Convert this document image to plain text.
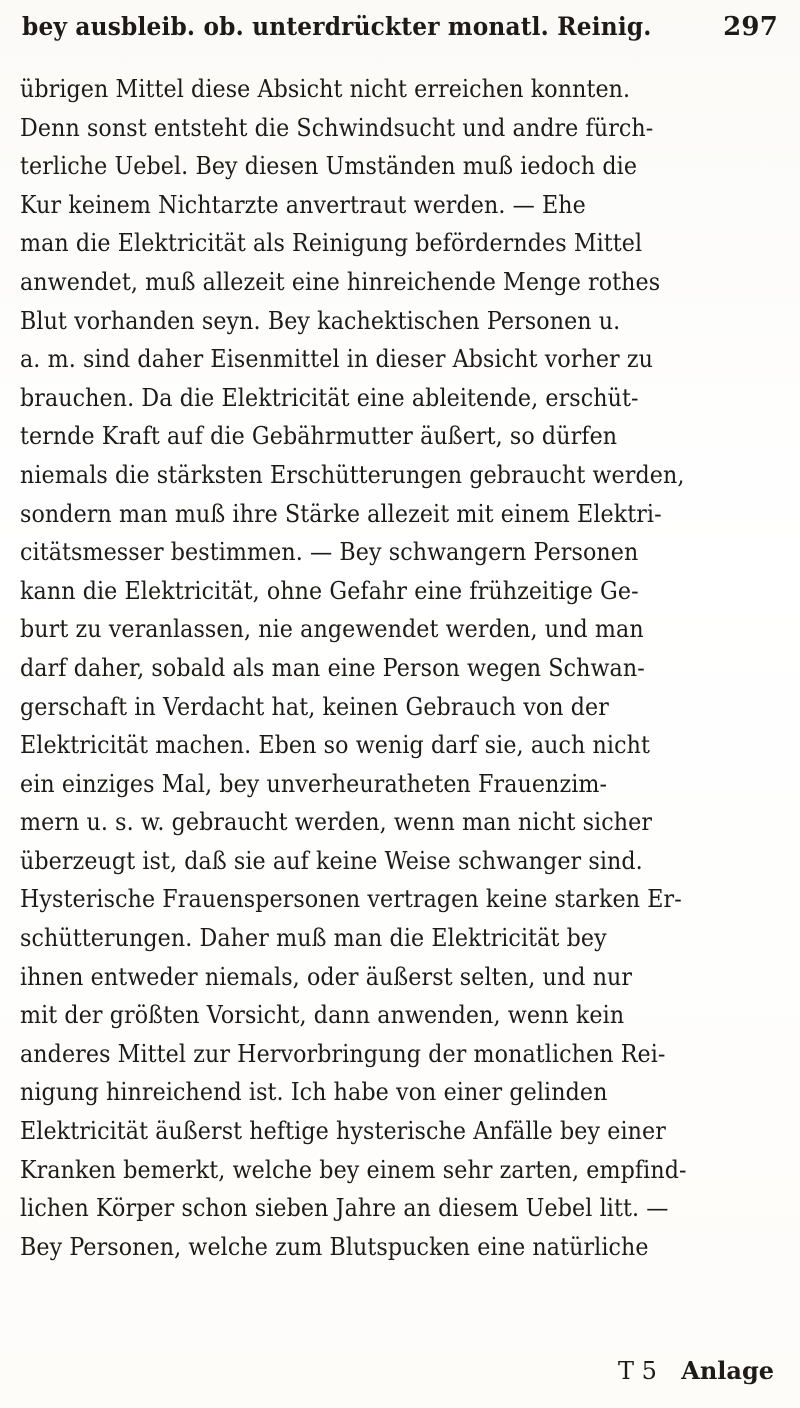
bey ausbleib. ob. unterdrückter monatl. Reinig.	297
übrigen Mittel diese Absicht nicht erreichen konnten.
Denn sonst entsteht die Schwindsucht und andre fürch-
terliche Uebel. Bey diesen Umständen muß iedoch die
Kur keinem Nichtarzte anvertraut werden. — Ehe
man die Elektricität als Reinigung beförderndes Mittel
anwendet, muß allezeit eine hinreichende Menge rothes
Blut vorhanden seyn. Bey kachektischen Personen u.
a. m. sind daher Eisenmittel in dieser Absicht vorher zu
brauchen. Da die Elektricität eine ableitende, erschüt-
ternde Kraft auf die Gebährmutter äußert, so dürfen
niemals die stärksten Erschütterungen gebraucht werden,
sondern man muß ihre Stärke allezeit mit einem Elektri-
citätsmesser bestimmen. — Bey schwangern Personen
kann die Elektricität, ohne Gefahr eine frühzeitige Ge-
burt zu veranlassen, nie angewendet werden, und man
darf daher, sobald als man eine Person wegen Schwan-
gerschaft in Verdacht hat, keinen Gebrauch von der
Elektricität machen. Eben so wenig darf sie, auch nicht
ein einziges Mal, bey unverheuratheten Frauenzim-
mern u. s. w. gebraucht werden, wenn man nicht sicher
überzeugt ist, daß sie auf keine Weise schwanger sind.
Hysterische Frauenspersonen vertragen keine starken Er-
schütterungen. Daher muß man die Elektricität bey
ihnen entweder niemals, oder äußerst selten, und nur
mit der größten Vorsicht, dann anwenden, wenn kein
anderes Mittel zur Hervorbringung der monatlichen Rei-
nigung hinreichend ist. Ich habe von einer gelinden
Elektricität äußerst heftige hysterische Anfälle bey einer
Kranken bemerkt, welche bey einem sehr zarten, empfind-
lichen Körper schon sieben Jahre an diesem Uebel litt. —
Bey Personen, welche zum Blutspucken eine natürliche
T 5 Anlage
